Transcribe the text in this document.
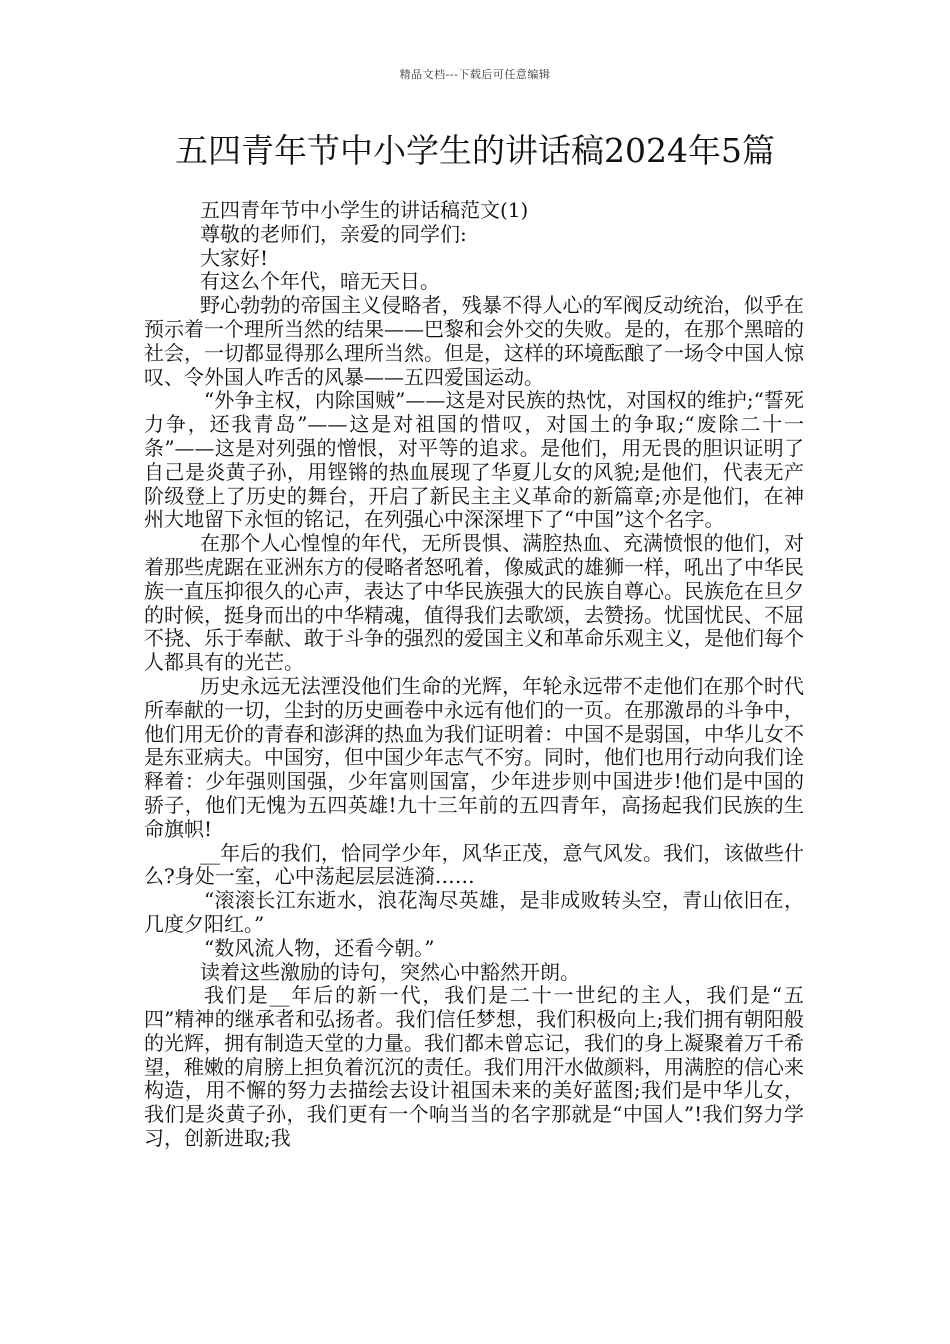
精品文档---下载后可任意编辑
五四青年节中小学生的讲话稿2024年5篇

五四青年节中小学生的讲话稿范文(1)

尊敬的老师们，亲爱的同学们:

大家好!

有这么个年代，暗无天日。

野心勃勃的帝国主义侵略者，残暴不得人心的军阀反动统治，似乎在预示着一个理所当然的结果——巴黎和会外交的失败。是的，在那个黑暗的社会，一切都显得那么理所当然。但是，这样的环境酝酿了一场令中国人惊叹、令外国人咋舌的风暴——五四爱国运动。

“外争主权，内除国贼”——这是对民族的热忱，对国权的维护;“誓死力争，还我青岛”——这是对祖国的惜叹，对国土的争取;“废除二十一条”——这是对列强的憎恨，对平等的追求。是他们，用无畏的胆识证明了自己是炎黄子孙，用铿锵的热血展现了华夏儿女的风貌;是他们，代表无产阶级登上了历史的舞台，开启了新民主主义革命的新篇章;亦是他们，在神州大地留下永恒的铭记，在列强心中深深埋下了“中国”这个名字。

在那个人心惶惶的年代，无所畏惧、满腔热血、充满愤恨的他们，对着那些虎踞在亚洲东方的侵略者怒吼着，像威武的雄狮一样，吼出了中华民族一直压抑很久的心声，表达了中华民族强大的民族自尊心。民族危在旦夕的时候，挺身而出的中华精魂，值得我们去歌颂，去赞扬。忧国忧民、不屈不挠、乐于奉献、敢于斗争的强烈的爱国主义和革命乐观主义，是他们每个人都具有的光芒。

历史永远无法湮没他们生命的光辉，年轮永远带不走他们在那个时代所奉献的一切，尘封的历史画卷中永远有他们的一页。在那激昂的斗争中，他们用无价的青春和澎湃的热血为我们证明着：中国不是弱国，中华儿女不是东亚病夫。中国穷，但中国少年志气不穷。同时，他们也用行动向我们诠释着：少年强则国强，少年富则国富，少年进步则中国进步!他们是中国的骄子，他们无愧为五四英雄!九十三年前的五四青年，高扬起我们民族的生命旗帜!

__年后的我们，恰同学少年，风华正茂，意气风发。我们，该做些什么?身处一室，心中荡起层层涟漪……

“滚滚长江东逝水，浪花淘尽英雄，是非成败转头空，青山依旧在，几度夕阳红。”

“数风流人物，还看今朝。”

读着这些激励的诗句，突然心中豁然开朗。

我们是__年后的新一代，我们是二十一世纪的主人，我们是“五四”精神的继承者和弘扬者。我们信任梦想，我们积极向上;我们拥有朝阳般的光辉，拥有制造天堂的力量。我们都未曾忘记，我们的身上凝聚着万千希望，稚嫩的肩膀上担负着沉沉的责任。我们用汗水做颜料，用满腔的信心来构造，用不懈的努力去描绘去设计祖国未来的美好蓝图;我们是中华儿女，我们是炎黄子孙，我们更有一个响当当的名字那就是“中国人”!我们努力学习，创新进取;我
